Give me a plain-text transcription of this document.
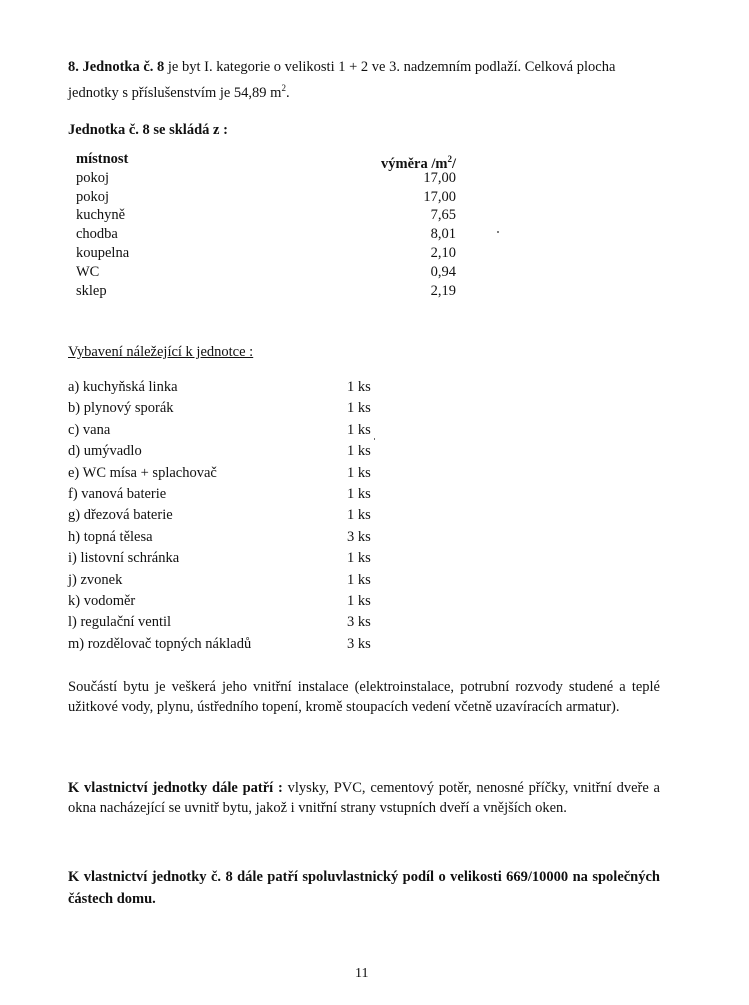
8. Jednotka č. 8 je byt I. kategorie o velikosti 1 + 2 ve 3. nadzemním podlaží. Celková plocha
jednotky s příslušenstvím je 54,89 $m^2$.
Jednotka č. 8 se skládá z :
místnost	výměra $/m^2/$
pokoj	17,00
pokoj	17,00
kuchyně	7,65
chodba	8,01
koupelna	2,10
WC	0,94
sklep	2,19
Vybavení náležející k jednotce :
a) kuchyňská linka	1 ks
b) plynový sporák	1 ks
c) vana	1 ks
d) umývadlo	1 ks
e) WC mísa + splachovač	1 ks
f) vanová baterie	1 ks
g) dřezová baterie	1 ks
h) topná tělesa	3 ks
i) listovní schránka	1 ks
j) zvonek	1 ks
k) vodoměr	1 ks
l) regulační ventil	3 ks
m) rozdělovač topných nákladů	3 ks
Součástí bytu je veškerá jeho vnitřní instalace (elektroinstalace, potrubní rozvody studené a teplé užitkové vody, plynu, ústředního topení, kromě stoupacích vedení včetně uzavíracích armatur).
K vlastnictví jednotky dále patří : vlysky, PVC, cementový potěr, nenosné příčky, vnitřní dveře a okna nacházející se uvnitř bytu, jakož i vnitřní strany vstupních dveří a vnějších oken.
K vlastnictví jednotky č. 8 dále patří spoluvlastnický podíl o velikosti 669/10000 na společných částech domu.
11
